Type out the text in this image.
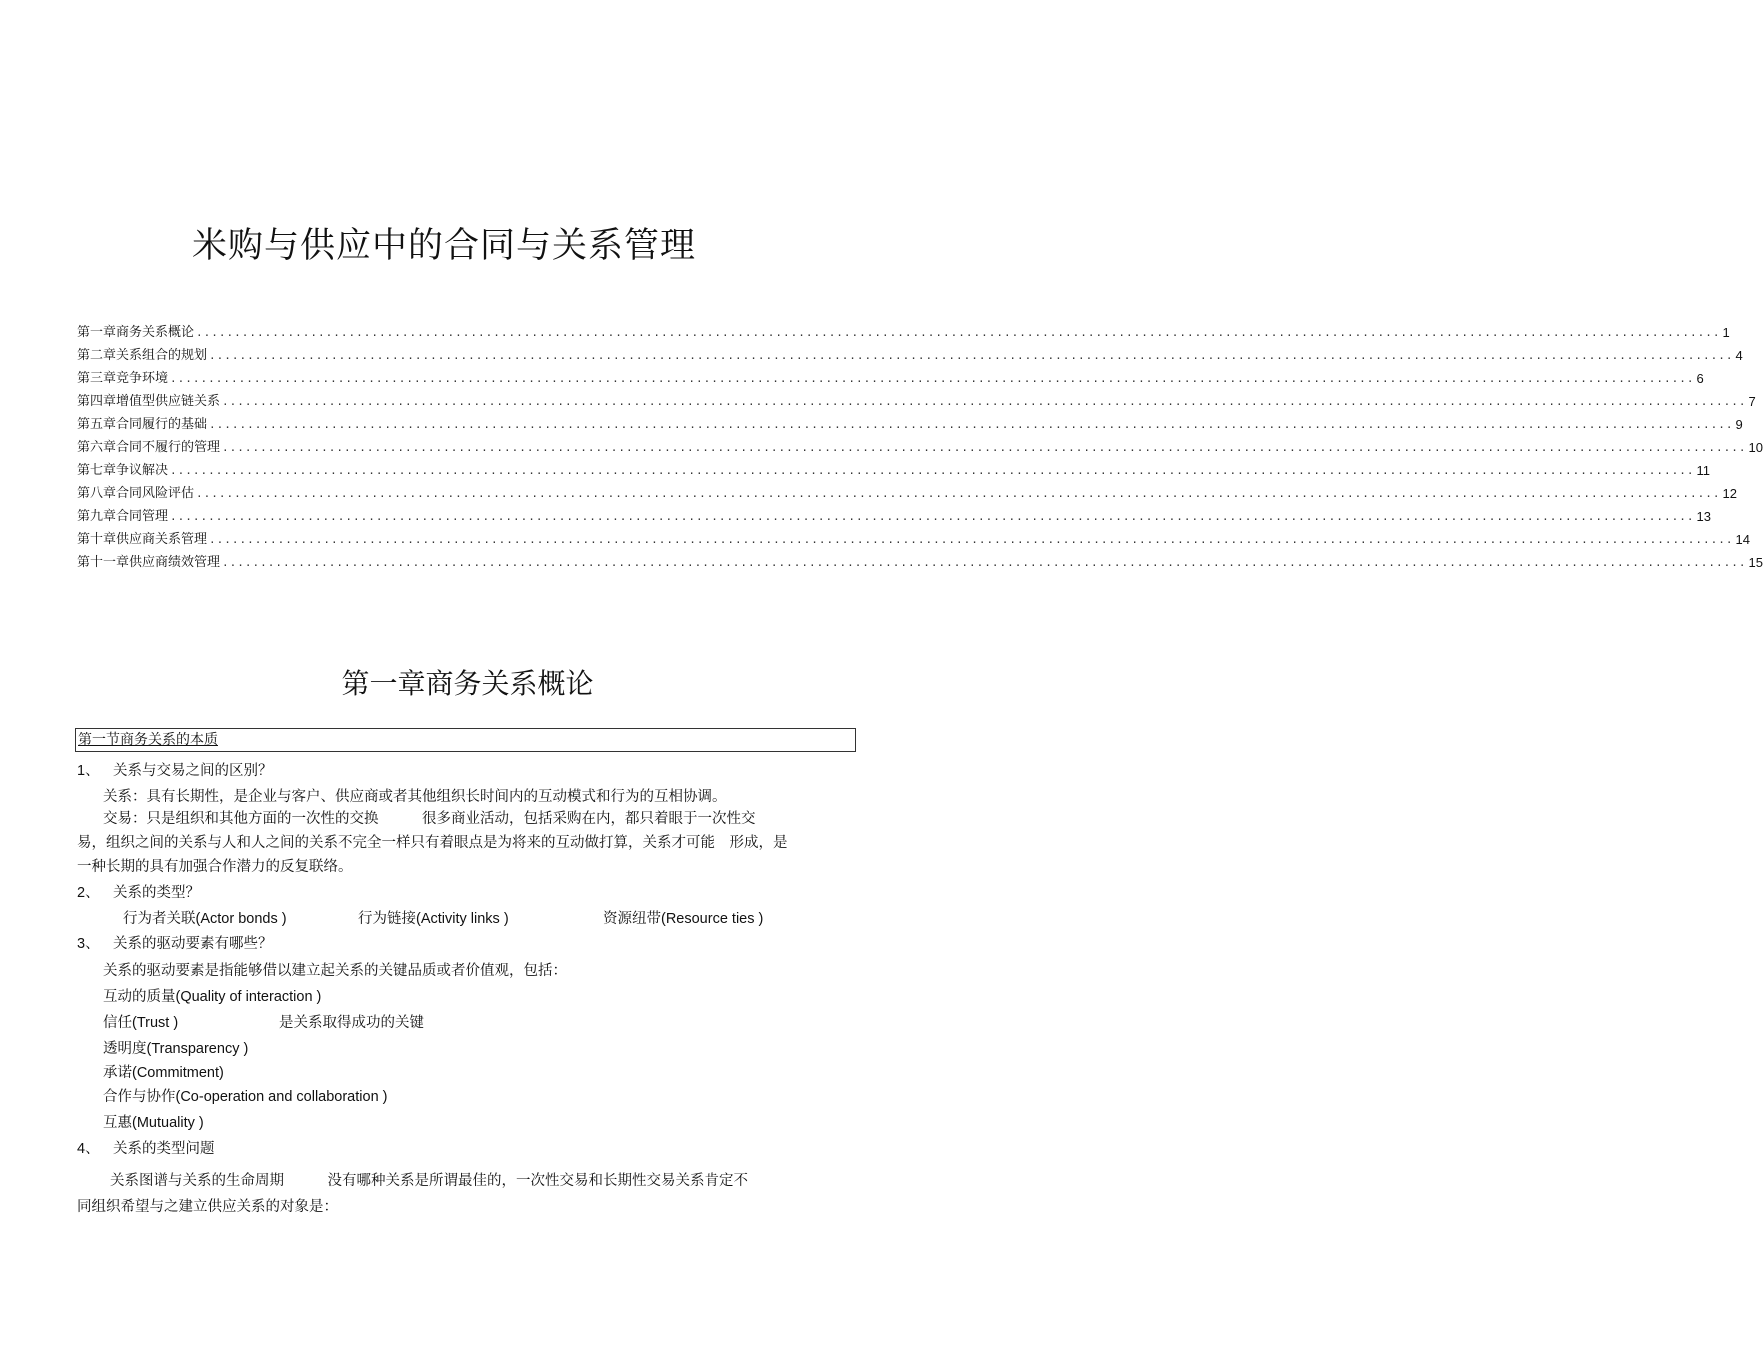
米购与供应中的合同与关系管理
第一章商务关系概论 ........................................................................................................................................................................................................ 1
第二章关系组合的规划 ........................................................................................................................................................................................................ 4
第三章竞争环境 ........................................................................................................................................................................................................ 6
第四章增值型供应链关系 ........................................................................................................................................................................................................ 7
第五章合同履行的基础 ........................................................................................................................................................................................................ 9
第六章合同不履行的管理 ........................................................................................................................................................................................................ 10
第七章争议解决 ........................................................................................................................................................................................................ 11
第八章合同风险评估 ........................................................................................................................................................................................................ 12
第九章合同管理 ........................................................................................................................................................................................................ 13
第十章供应商关系管理 ........................................................................................................................................................................................................ 14
第十一章供应商绩效管理 ........................................................................................................................................................................................................ 15
第一章商务关系概论
第一节商务关系的本质
1、 关系与交易之间的区别？
关系：具有长期性，是企业与客户、供应商或者其他组织长时间内的互动模式和行为的互相协调。
交易：只是组织和其他方面的一次性的交换　　　很多商业活动，包括采购在内，都只着眼于一次性交
易，组织之间的关系与人和人之间的关系不完全一样只有着眼点是为将来的互动做打算，关系才可能　形成，是
一种长期的具有加强合作潜力的反复联络。
2、 关系的类型？
行为者关联(Actor bonds )	行为链接(Activity links )	资源纽带(Resource ties )
3、 关系的驱动要素有哪些？
关系的驱动要素是指能够借以建立起关系的关键品质或者价值观，包括：
互动的质量(Quality of interaction )
信任(Trust )	是关系取得成功的关键
透明度(Transparency )
承诺(Commitment)
合作与协作(Co-operation and collaboration )
互惠(Mutuality )
4、 关系的类型问题
关系图谱与关系的生命周期　　　没有哪种关系是所谓最佳的，一次性交易和长期性交易关系肯定不
同组织希望与之建立供应关系的对象是：
